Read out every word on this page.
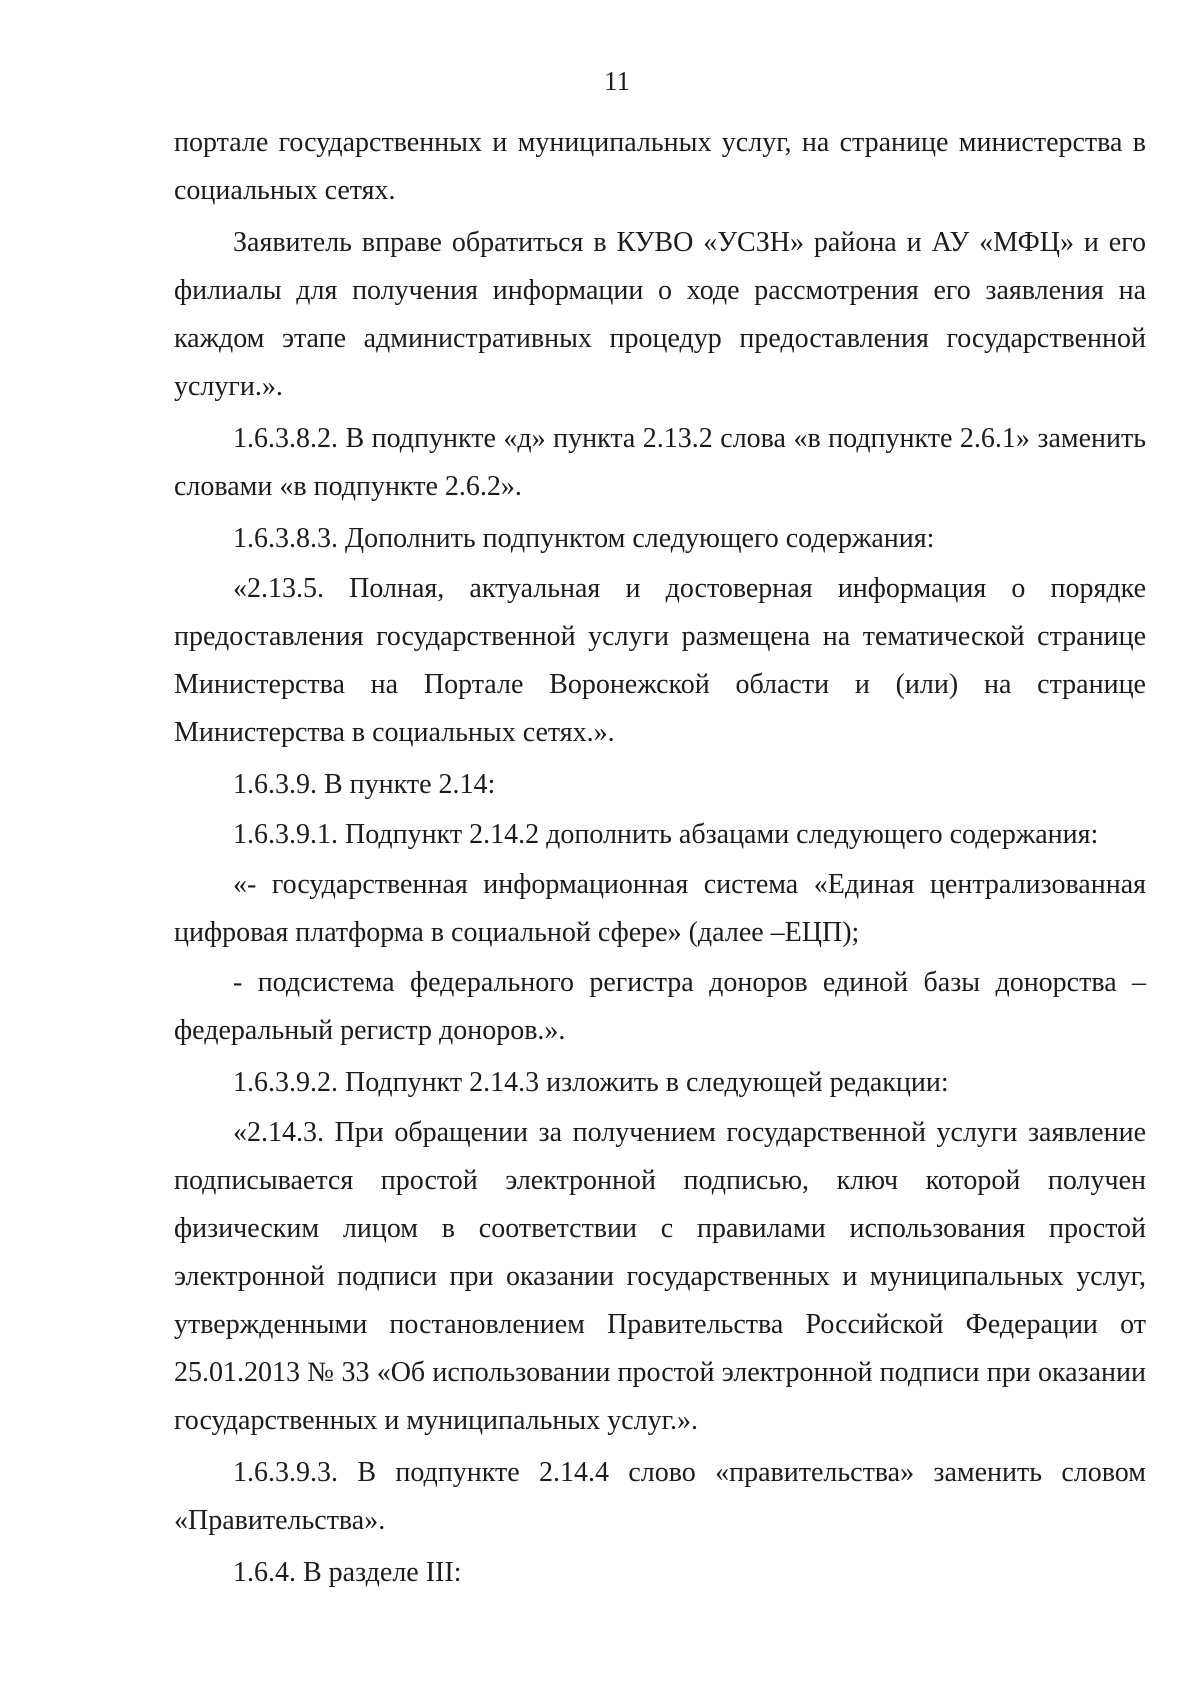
11

порталe государственных и муниципальных услуг, на странице министерства в социальных сетях.

Заявитель вправе обратиться в КУВО «УСЗН» района и АУ «МФЦ» и его филиалы для получения информации о ходе рассмотрения его заявления на каждом этапе административных процедур предоставления государственной услуги.».

1.6.3.8.2. В подпункте «д» пункта 2.13.2 слова «в подпункте 2.6.1» заменить словами «в подпункте 2.6.2».

1.6.3.8.3. Дополнить подпунктом следующего содержания:

«2.13.5. Полная, актуальная и достоверная информация о порядке предоставления государственной услуги размещена на тематической странице Министерства на Портале Воронежской области и (или) на странице Министерства в социальных сетях.».

1.6.3.9. В пункте 2.14:

1.6.3.9.1. Подпункт 2.14.2 дополнить абзацами следующего содержания:

«- государственная информационная система «Единая централизованная цифровая платформа в социальной сфере» (далее –ЕЦП);

- подсистема федерального регистра доноров единой базы донорства – федеральный регистр доноров.».

1.6.3.9.2. Подпункт 2.14.3 изложить в следующей редакции:

«2.14.3. При обращении за получением государственной услуги заявление подписывается простой электронной подписью, ключ которой получен физическим лицом в соответствии с правилами использования простой электронной подписи при оказании государственных и муниципальных услуг, утвержденными постановлением Правительства Российской Федерации от 25.01.2013 № 33 «Об использовании простой электронной подписи при оказании государственных и муниципальных услуг.».

1.6.3.9.3. В подпункте 2.14.4 слово «правительства» заменить словом «Правительства».

1.6.4. В разделе III:
